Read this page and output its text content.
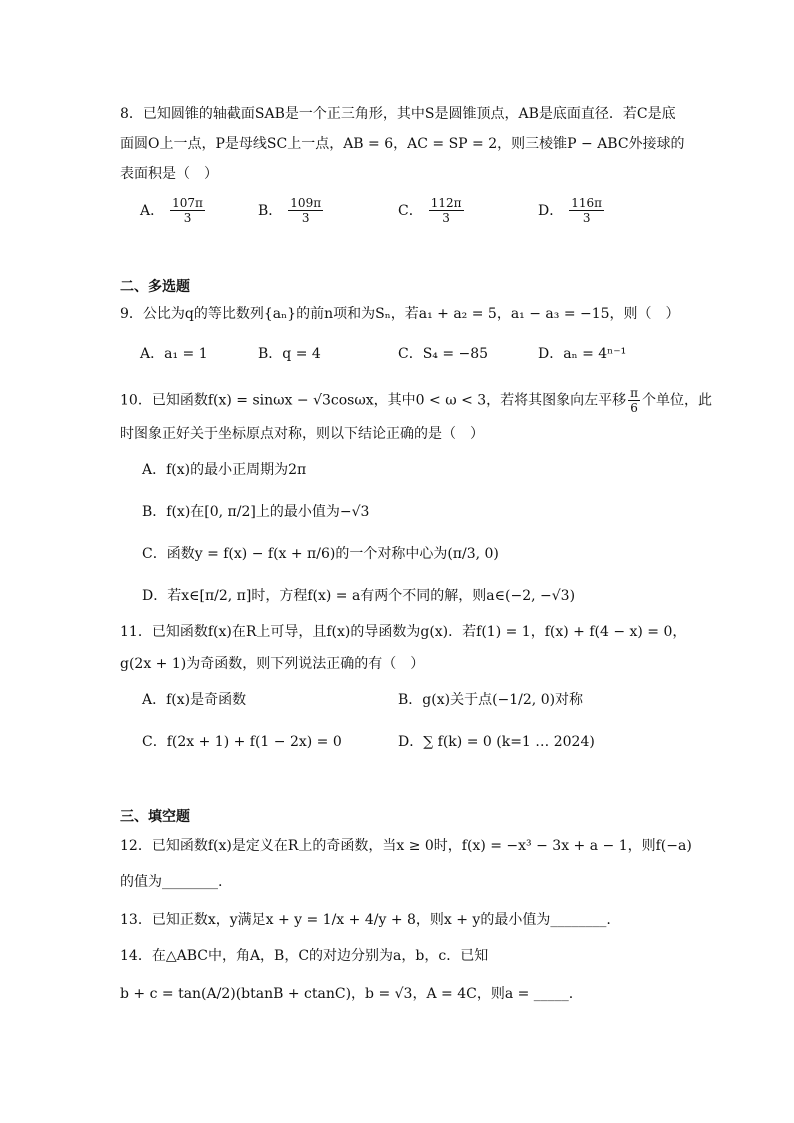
8．已知圆锥的轴截面SAB是一个正三角形，其中S是圆锥顶点，AB是底面直径．若C是底
面圆O上一点，P是母线SC上一点，AB = 6，AC = SP = 2，则三棱锥P − ABC外接球的
表面积是（　）
A． $\frac{107\pi}{3}$	B． $\frac{109\pi}{3}$	C． $\frac{112\pi}{3}$	D． $\frac{116\pi}{3}$
二、多选题
9．公比为q的等比数列{aₙ}的前n项和为Sₙ，若a₁ + a₂ = 5，a₁ − a₃ = −15，则（　）
A．a₁ = 1	B．q = 4	C．S₄ = −85	D．aₙ = 4ⁿ⁻¹
10．已知函数f(x) = sinωx − √3cosωx，其中0 < ω < 3，若将其图象向左平移 $\frac{\pi}{6}$ 个单位，此
时图象正好关于坐标原点对称，则以下结论正确的是（　）
A．f(x)的最小正周期为2π
B．f(x)在[0, π/2]上的最小值为−√3
C．函数y = f(x) − f(x + π/6)的一个对称中心为(π/3, 0)
D．若x∈[π/2, π]时，方程f(x) = a有两个不同的解，则a∈(−2, −√3)
11．已知函数f(x)在R上可导，且f(x)的导函数为g(x)．若f(1) = 1，f(x) + f(4 − x) = 0，
g(2x + 1)为奇函数，则下列说法正确的有（　）
A．f(x)是奇函数	B．g(x)关于点(−1/2, 0)对称
C．f(2x + 1) + f(1 − 2x) = 0	D．∑ f(k) = 0 (k=1 … 2024)
三、填空题
12．已知函数f(x)是定义在R上的奇函数，当x ≥ 0时，f(x) = −x³ − 3x + a − 1，则f(−a)
的值为________.
13．已知正数x，y满足x + y = 1/x + 4/y + 8，则x + y的最小值为________.
14．在△ABC中，角A，B，C的对边分别为a，b，c．已知
b + c = tan(A/2)(btanB + ctanC)，b = √3，A = 4C，则a = _____.
